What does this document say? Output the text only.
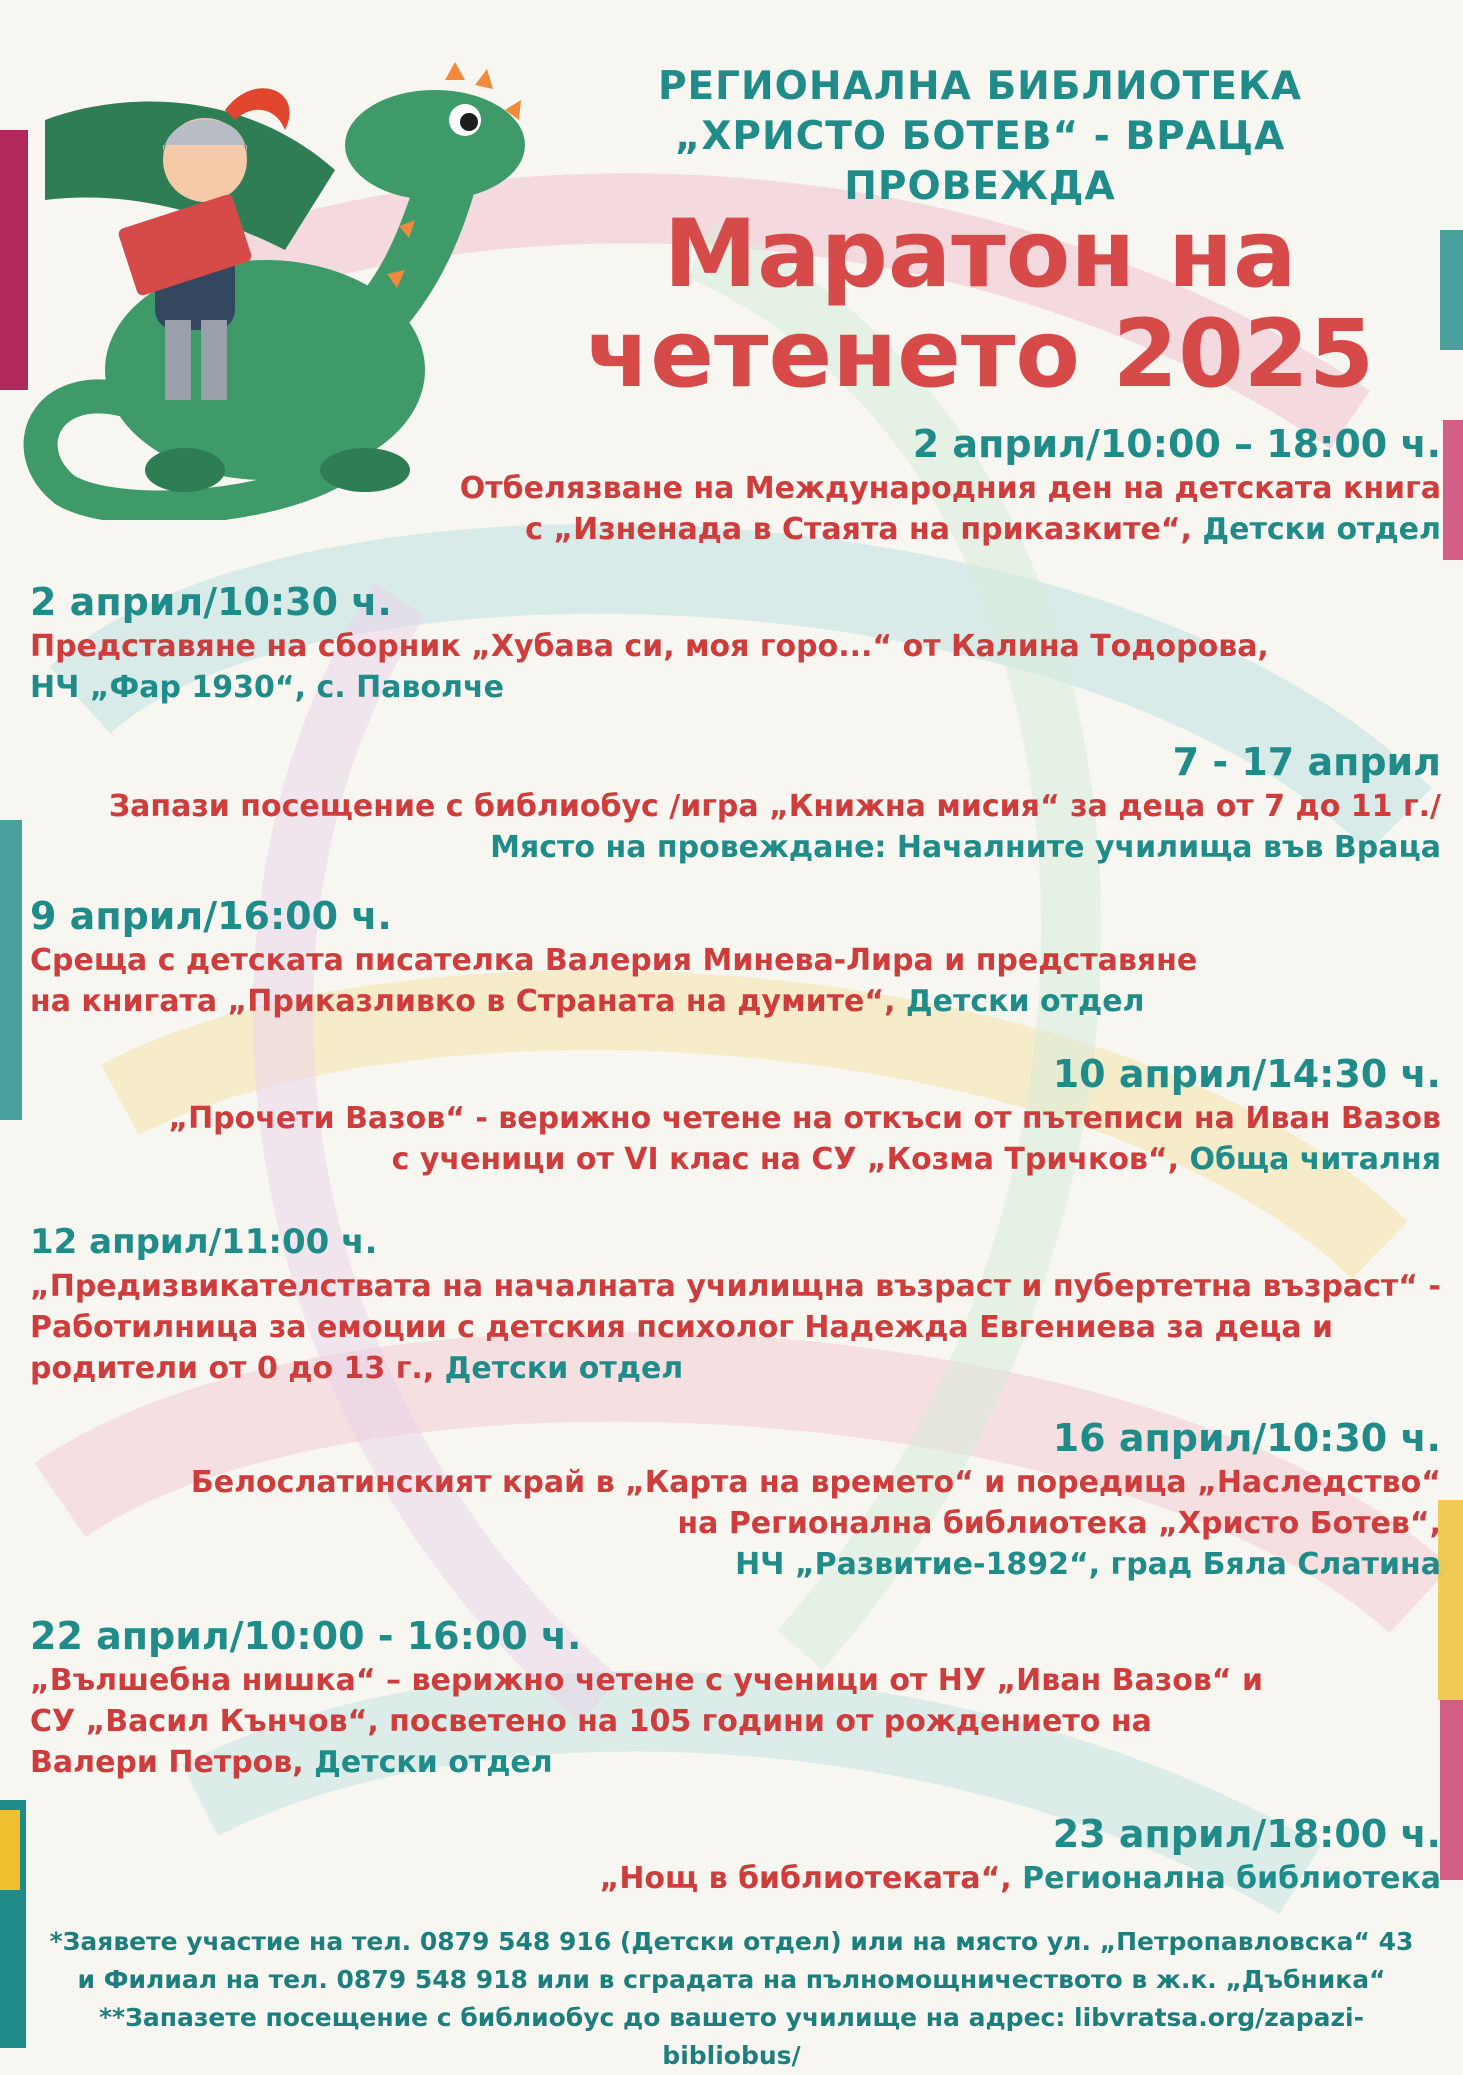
РЕГИОНАЛНА БИБЛИОТЕКА
„ХРИСТО БОТЕВ“ - ВРАЦА
ПРОВЕЖДА
Маратон на
четенето 2025
2 април/10:00 – 18:00 ч.
Отбелязване на Международния ден на детската книга
с „Изненада в Стаята на приказките“, Детски отдел
2 април/10:30 ч.
Представяне на сборник „Хубава си, моя горо...“ от Калина Тодорова,
НЧ „Фар 1930“, с. Паволче
7 - 17 април
Запази посещение с библиобус /игра „Книжна мисия“ за деца от 7 до 11 г./
Място на провеждане: Началните училища във Враца
9 април/16:00 ч.
Среща с детската писателка Валерия Минева-Лира и представяне
на книгата „Приказливко в Страната на думите“, Детски отдел
10 април/14:30 ч.
„Прочети Вазов“ - верижно четене на откъси от пътеписи на Иван Вазов
с ученици от VI клас на СУ „Козма Тричков“, Обща читалня
12 април/11:00 ч.
„Предизвикателствата на началната училищна възраст и пубертетна възраст“ -
Работилница за емоции с детския психолог Надежда Евгениева за деца и
родители от 0 до 13 г., Детски отдел
16 април/10:30 ч.
Белослатинският край в „Карта на времето“ и поредица „Наследство“
на Регионална библиотека „Христо Ботев“,
НЧ „Развитие-1892“, град Бяла Слатина
22 април/10:00 - 16:00 ч.
„Вълшебна нишка“ – верижно четене с ученици от НУ „Иван Вазов“ и
СУ „Васил Кънчов“, посветено на 105 години от рождението на
Валери Петров, Детски отдел
23 април/18:00 ч.
„Нощ в библиотеката“, Регионална библиотека
*Заявете участие на тел. 0879 548 916 (Детски отдел) или на място ул. „Петропавловска“ 43
и Филиал на тел. 0879 548 918 или в сградата на пълномощничеството в ж.к. „Дъбника“
**Запазете посещение с библиобус до вашето училище на адрес: libvratsa.org/zapazi-bibliobus/
